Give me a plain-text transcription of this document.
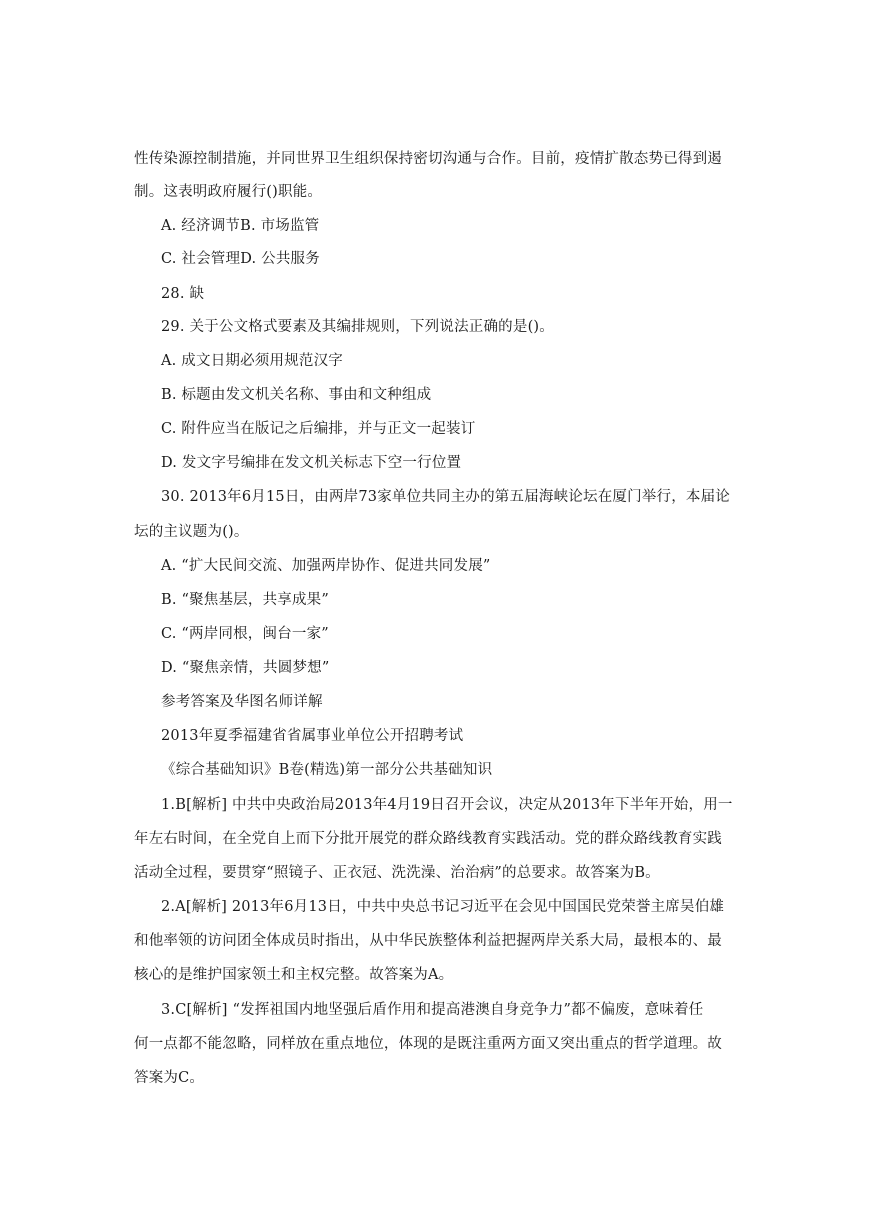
性传染源控制措施，并同世界卫生组织保持密切沟通与合作。目前，疫情扩散态势已得到遏
制。这表明政府履行()职能。
A. 经济调节B. 市场监管
C. 社会管理D. 公共服务
28. 缺
29. 关于公文格式要素及其编排规则，下列说法正确的是()。
A. 成文日期必须用规范汉字
B. 标题由发文机关名称、事由和文种组成
C. 附件应当在版记之后编排，并与正文一起装订
D. 发文字号编排在发文机关标志下空一行位置
30. 2013年6月15日，由两岸73家单位共同主办的第五届海峡论坛在厦门举行，本届论
坛的主议题为()。
A. “扩大民间交流、加强两岸协作、促进共同发展”
B. “聚焦基层，共享成果”
C. “两岸同根，闽台一家”
D. “聚焦亲情，共圆梦想”
参考答案及华图名师详解
2013年夏季福建省省属事业单位公开招聘考试
《综合基础知识》B卷(精选)第一部分公共基础知识
1.B[解析] 中共中央政治局2013年4月19日召开会议，决定从2013年下半年开始，用一
年左右时间，在全党自上而下分批开展党的群众路线教育实践活动。党的群众路线教育实践
活动全过程，要贯穿“照镜子、正衣冠、洗洗澡、治治病”的总要求。故答案为B。
2.A[解析] 2013年6月13日，中共中央总书记习近平在会见中国国民党荣誉主席吴伯雄
和他率领的访问团全体成员时指出，从中华民族整体利益把握两岸关系大局，最根本的、最
核心的是维护国家领土和主权完整。故答案为A。
3.C[解析] “发挥祖国内地坚强后盾作用和提高港澳自身竞争力”都不偏废，意味着任
何一点都不能忽略，同样放在重点地位，体现的是既注重两方面又突出重点的哲学道理。故
答案为C。
